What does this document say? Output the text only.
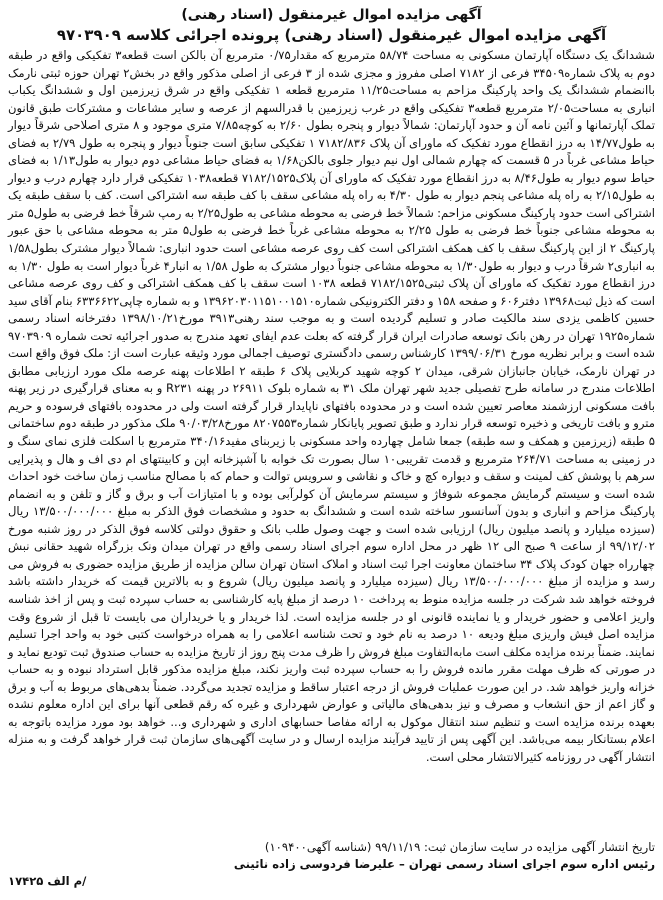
آگهی مزایده اموال غیرمنقول (اسناد رهنی)
آگهی مزایده اموال غیرمنقول (اسناد رهنی) پرونده اجرائی کلاسه ۹۷۰۳۹۰۹

ششدانگ یک دستگاه آپارتمان مسکونی به مساحت ۵۸/۷۴ مترمربع که مقدار۰/۷۵ مترمربع آن بالکن است قطعه۳ تفکیکی واقع در طبقه دوم به پلاک شماره۳۴۵۰۹ فرعی از ۷۱۸۲ اصلی مفروز و مجزی شده از ۳ فرعی از اصلی مذکور واقع در بخش۲ تهران حوزه ثبتی نارمک باانضمام ششدانگ یک واحد پارکینگ مزاحم به مساحت۱۱/۲۵ مترمربع قطعه ۱ تفکیکی واقع در شرق زیرزمین اول و ششدانگ یکباب انباری به مساحت۲/۰۵ مترمربع قطعه۳ تفکیکی واقع در غرب زیرزمین با قدرالسهم از عرصه و سایر مشاعات و مشترکات طبق قانون تملک آپارتمانها و آئین نامه آن و حدود آپارتمان: شمالاً دیوار و پنجره بطول ۲/۶۰ به کوچه۷/۸۵ متری موجود و ۸ متری اصلاحی شرقاً دیوار به طول۱۴/۷۷ به درز انقطاع مورد تفکیک که ماورای آن پلاک ۷۱۸۲/۸۳۶ ۱ تفکیکی سابق است جنوباً دیوار و پنجره به طول ۲/۷۹ به فضای حیاط مشاعی غرباً در ۵ قسمت که چهارم شمالی اول نیم دیوار جلوی بالکن۱/۶۸ به فضای حیاط مشاعی دوم دیوار به طول۱/۱۳ به فضای حیاط سوم دیوار به طول۸/۴۶ به درز انقطاع مورد تفکیک که ماورای آن پلاک۷۱۸۲/۱۵۲۵ قطعه۱۰۳۸ تفکیکی قرار دارد چهارم درب و دیوار به طول۲/۱۵ به راه پله مشاعی پنجم دیوار به طول ۴/۳۰ به راه پله مشاعی سقف با کف طبقه سه اشتراکی است. کف با سقف طبقه یک اشتراکی است حدود پارکینگ مسکونی مزاحم: شمالاً خط فرضی به محوطه مشاعی به طول۲/۲۵ به رمپ شرقاً خط فرضی به طول۵ متر به محوطه مشاعی جنوباً خط فرضی به طول ۲/۲۵ به محوطه مشاعی غرباً خط فرضی به طول۵ متر به محوطه مشاعی با حق عبور پارکینگ ۲ از این پارکینگ سقف با کف همکف اشتراکی است کف روی عرصه مشاعی است حدود انباری: شمالاً دیوار مشترک بطول۱/۵۸ به انباری۲ شرقاً درب و دیوار به طول۱/۳۰ به محوطه مشاعی جنوباً دیوار مشترک به طول ۱/۵۸ به انبار۴ غرباً دیوار است به طول ۱/۳۰ به درز انقطاع مورد تفکیک که ماورای آن پلاک ثبتی۷۱۸۲/۱۵۲۵ قطعه ۱۰۳۸ است سقف با کف همکف اشتراکی و کف روی عرصه مشاعی است که ذیل ثبت۱۳۹۶۸ دفتر۶۰۶ و صفحه ۱۵۸ و دفتر الکترونیکی شماره۱۳۹۶۲۰۳۰۱۱۵۱۰۰۱۵۱۰ و به شماره چاپی۶۳۳۶۶۲۲ بنام آقای سید حسین کاظمی یزدی سند مالکیت صادر و تسلیم گردیده است و به موجب سند رهنی۳۹۱۳ مورخ۱۳۹۸/۱۰/۲۱ دفترخانه اسناد رسمی شماره۱۹۲۵ تهران در رهن بانک توسعه صادرات ایران قرار گرفته که بعلت عدم ایفای تعهد مندرج به صدور اجرائیه تحت شماره ۹۷۰۳۹۰۹ شده است و برابر نظریه مورخ ۱۳۹۹/۰۶/۳۱ کارشناس رسمی دادگستری توصیف اجمالی مورد وثیقه عبارت است از: ملک فوق واقع است در تهران نارمک، خیابان جانبازان شرقی، میدان ۲ کوچه شهید کربلایی پلاک ۶ طبقه ۲ اطلاعات پهنه عرصه ملک مورد ارزیابی مطابق اطلاعات مندرج در سامانه طرح تفصیلی جدید شهر تهران ملک ۳۱ به شماره بلوک ۲۶۹۱۱ در پهنه R۲۳۱ و به معنای قرارگیری در زیر پهنه بافت مسکونی ارزشمند معاصر تعیین شده است و در محدوده بافتهای ناپایدار قرار گرفته است ولی در محدوده بافتهای فرسوده و حریم مترو و بافت تاریخی و ذخیره توسعه قرار ندارد و طبق تصویر پایانکار شماره۸۲۰۷۵۵۳ مورخ۹۰/۰۳/۲۸ ملک مذکور در طبقه دوم ساختمانی ۵ طبقه (زیرزمین و همکف و سه طبقه) جمعا شامل چهارده واحد مسکونی با زیربنای مفید۳۴۰/۱۶ مترمربع با اسکلت فلزی نمای سنگ و در زمینی به مساحت ۲۶۴/۷۱ مترمربع و قدمت تقریبی۱۰ سال بصورت تک خوابه با آشپزخانه اپن و کابینتهای ام دی اف و هال و پذیرایی سرهم با پوشش کف لمینت و سقف و دیواره کچ و خاک و نقاشی و سرویس توالت و حمام که با مصالح مناسب زمان ساخت خود احداث شده است و سیستم گرمایش مجموعه شوفاژ و سیستم سرمایش آن کولرآبی بوده و با امتیازات آب و برق و گاز و تلفن و به انضمام پارکینگ مزاحم و انباری و بدون آسانسور ساخته شده است و ششدانگ به حدود و مشخصات فوق الذکر به مبلغ ۱۳/۵۰۰/۰۰۰/۰۰۰ ریال (سیزده میلیارد و پانصد میلیون ریال) ارزیابی شده است و جهت وصول طلب بانک و حقوق دولتی کلاسه فوق الذکر در روز شنبه مورخ ۹۹/۱۲/۰۲ از ساعت ۹ صبح الی ۱۲ ظهر در محل اداره سوم اجرای اسناد رسمی واقع در تهران میدان ونک بزرگراه شهید حقانی نبش چهارراه جهان کودک پلاک ۳۴ ساختمان معاونت اجرا ثبت اسناد و املاک استان تهران سالن مزایده از طریق مزایده حضوری به فروش می رسد و مزایده از مبلغ ۱۳/۵۰۰/۰۰۰/۰۰۰ ریال (سیزده میلیارد و پانصد میلیون ریال) شروع و به بالاترین قیمت که خریدار داشته باشد فروخته خواهد شد شرکت در جلسه مزایده منوط به پرداخت ۱۰ درصد از مبلغ پایه کارشناسی به حساب سپرده ثبت و پس از اخذ شناسه واریز اعلامی و حضور خریدار و یا نماینده قانونی او در جلسه مزایده است. لذا خریدار و یا خریداران می بایست تا قبل از شروع وقت مزایده اصل فیش واریزی مبلغ ودیعه ۱۰ درصد به نام خود و تحت شناسه اعلامی را به همراه درخواست کتبی خود به واحد اجرا تسلیم نمایند. ضمناً برنده مزایده مکلف است مابه‌التفاوت مبلغ فروش را ظرف مدت پنج روز از تاریخ مزایده به حساب صندوق ثبت تودیع نماید و در صورتی که ظرف مهلت مقرر مانده فروش را به حساب سپرده ثبت واریز نکند، مبلغ مزایده مذکور قابل استرداد نبوده و به حساب خزانه واریز خواهد شد. در این صورت عملیات فروش از درجه اعتبار ساقط و مزایده تجدید می‌گردد. ضمناً بدهی‌های مربوط به آب و برق و گاز اعم از حق انشعاب و مصرف و نیز بدهی‌های مالیاتی و عوارض شهرداری و غیره که رقم قطعی آنها برای این اداره معلوم نشده بعهده برنده مزایده است و تنظیم سند انتقال موکول به ارائه مفاصا حسابهای اداری و شهرداری و... خواهد بود مورد مزایده باتوجه به اعلام بستانکار بیمه می‌باشد. این آگهی پس از تایید فرآیند مزایده ارسال و در سایت آگهی‌های سازمان ثبت قرار خواهد گرفت و به منزله انتشار آگهی در روزنامه کثیرالانتشار محلی است.

تاریخ انتشار آگهی مزایده در سایت سازمان ثبت: ۹۹/۱۱/۱۹ (شناسه آگهی۱۰۹۴۰۰)
رئیس اداره سوم اجرای اسناد رسمی تهران – علیرضا فردوسی زاده نائینی
م الف ۱۷۴۲۵/
